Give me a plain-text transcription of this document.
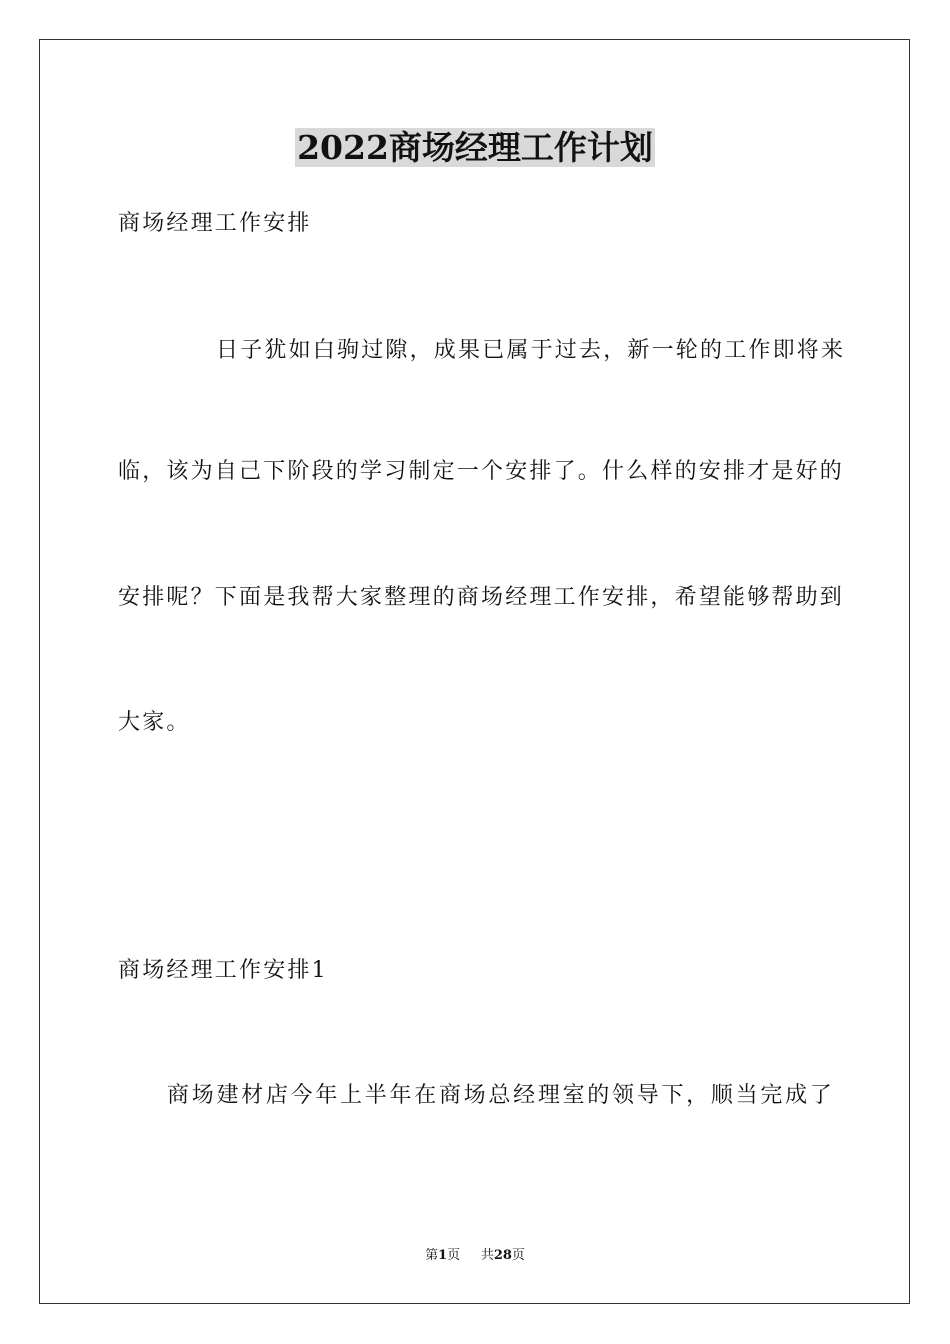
2022商场经理工作计划
商场经理工作安排
日子犹如白驹过隙，成果已属于过去，新一轮的工作即将来
临，该为自己下阶段的学习制定一个安排了。什么样的安排才是好的
安排呢？下面是我帮大家整理的商场经理工作安排，希望能够帮助到
大家。
商场经理工作安排1
商场建材店今年上半年在商场总经理室的领导下，顺当完成了
第1页 共28页
